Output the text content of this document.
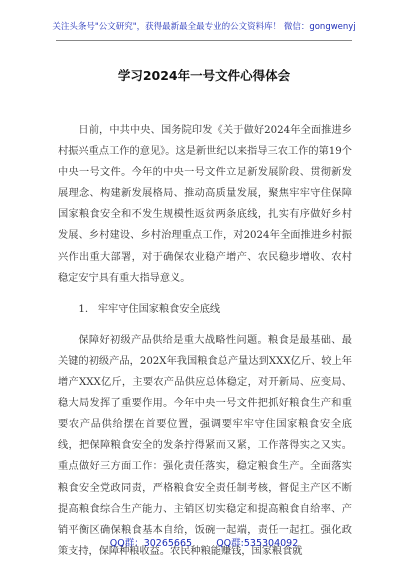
关注头条号"公文研究"，获得最新最全最专业的公文资料库！ 微信：gongwenyj
学习2024年一号文件心得体会

日前，中共中央、国务院印发《关于做好2024年全面推进乡村振兴重点工作的意见》。这是新世纪以来指导三农工作的第19个中央一号文件。今年的中央一号文件立足新发展阶段、贯彻新发展理念、构建新发展格局、推动高质量发展，聚焦牢牢守住保障国家粮食安全和不发生规模性返贫两条底线，扎实有序做好乡村发展、乡村建设、乡村治理重点工作，对2024年全面推进乡村振兴作出重大部署，对于确保农业稳产增产、农民稳步增收、农村稳定安宁具有重大指导意义。

1.   牢牢守住国家粮食安全底线

保障好初级产品供给是重大战略性问题。粮食是最基础、最关键的初级产品，202X年我国粮食总产量达到XXX亿斤、较上年增产XXX亿斤，主要农产品供应总体稳定，对开新局、应变局、稳大局发挥了重要作用。今年中央一号文件把抓好粮食生产和重要农产品供给摆在首要位置，强调要牢牢守住国家粮食安全底线，把保障粮食安全的发条拧得紧而又紧，工作落得实之又实。重点做好三方面工作：强化责任落实，稳定粮食生产。全面落实粮食安全党政同责，严格粮食安全责任制考核，督促主产区不断提高粮食综合生产能力、主销区切实稳定和提高粮食自给率、产销平衡区确保粮食基本自给，饭碗一起端，责任一起扛。强化政策支持，保障种粮收益。农民种粮能赚钱，国家粮食就

QQ群：30265665        QQ群:535304092
